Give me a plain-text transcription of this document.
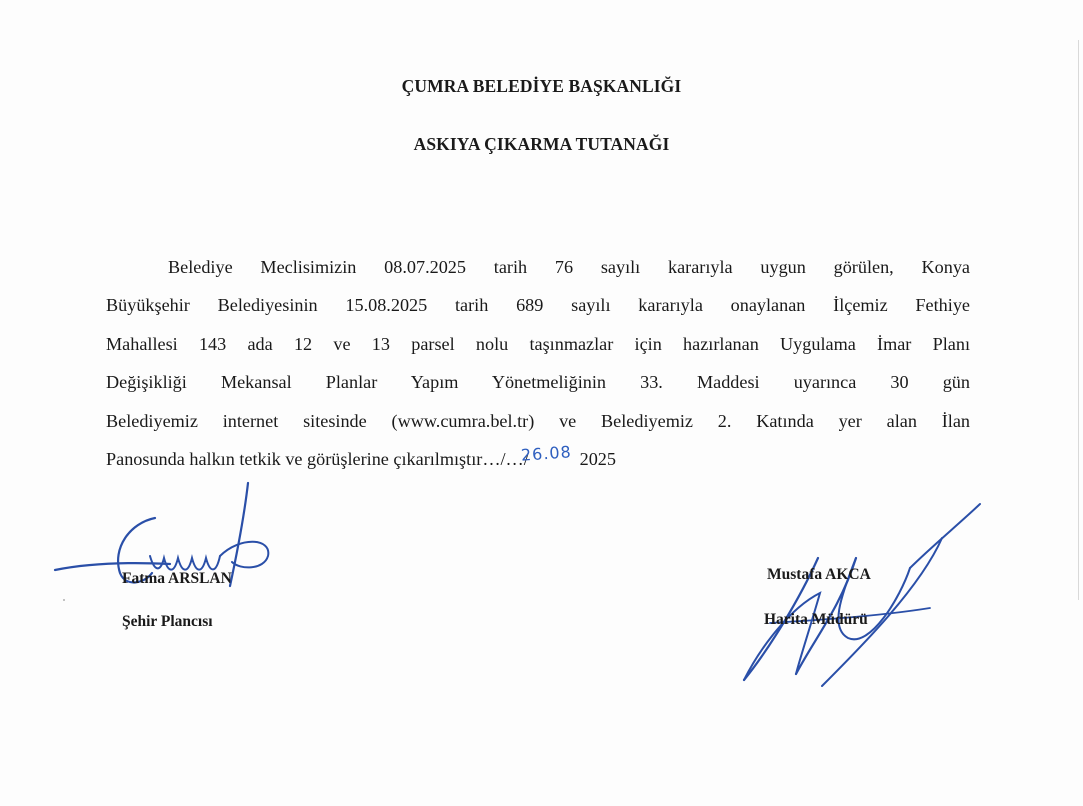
ÇUMRA BELEDİYE BAŞKANLIĞI
ASKIYA ÇIKARMA TUTANAĞI
Belediye Meclisimizin 08.07.2025 tarih 76 sayılı kararıyla uygun görülen, Konya
Büyükşehir Belediyesinin 15.08.2025 tarih 689 sayılı kararıyla onaylanan İlçemiz Fethiye
Mahallesi 143 ada 12 ve 13 parsel nolu taşınmazlar için hazırlanan Uygulama İmar Planı
Değişikliği Mekansal Planlar Yapım Yönetmeliğinin 33. Maddesi uyarınca 30 gün
Belediyemiz internet sitesinde (www.cumra.bel.tr) ve Belediyemiz 2. Katında yer alan İlan
Panosunda halkın tetkik ve görüşlerine çıkarılmıştır…/…/26.08 2025
Fatma ARSLAN
Şehir Plancısı
Mustafa AKCA
Harita Müdürü
